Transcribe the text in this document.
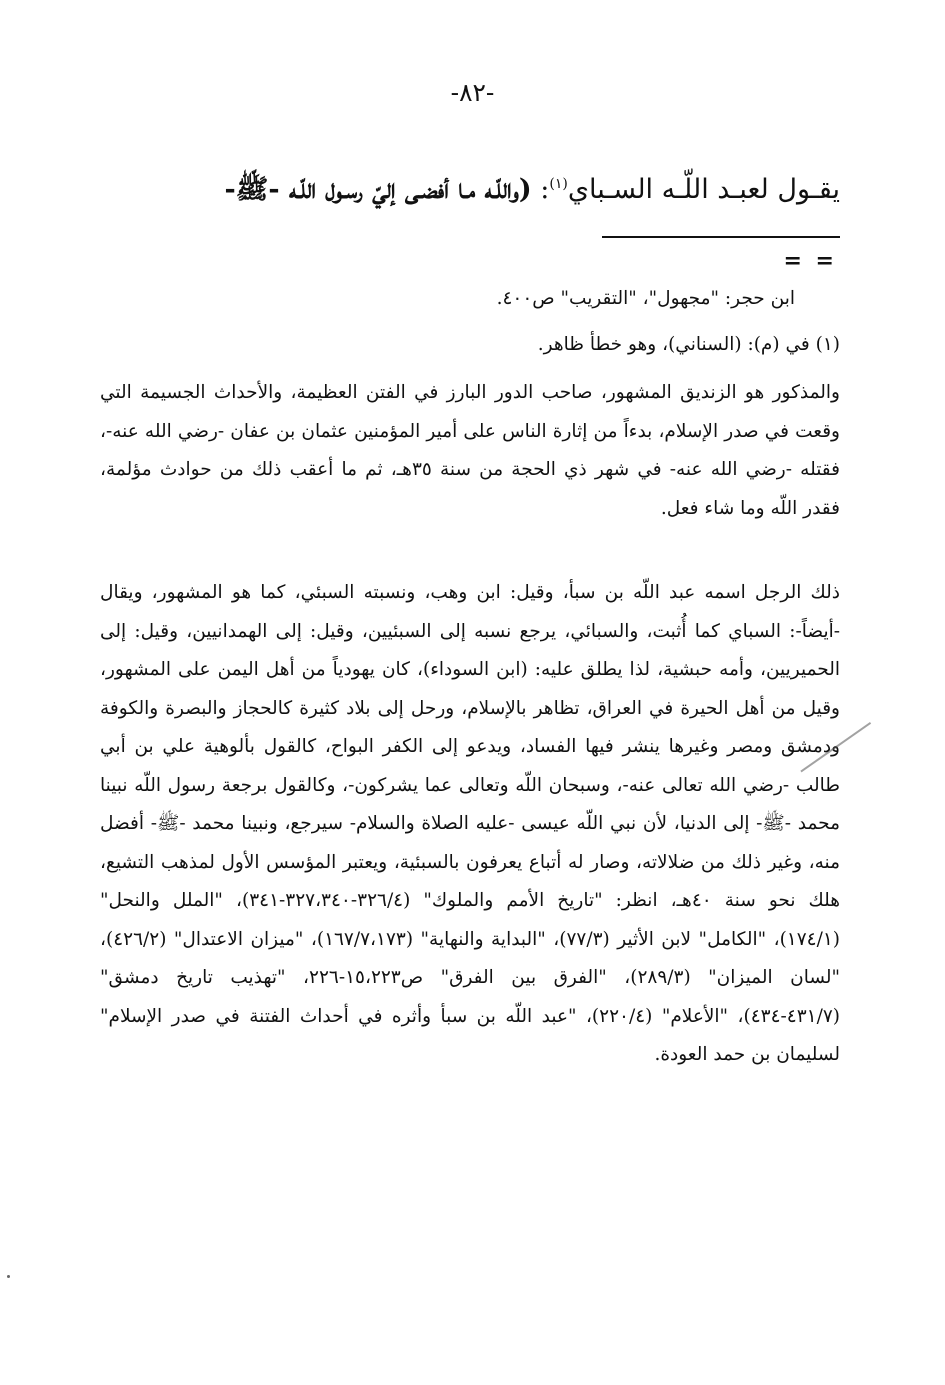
-٨٢-
يقـول لعبـد اللّـه السـباي$^{(١)}$: (واللّـه مـا أفضـى إليّ رسـول اللّـه -ﷺ-
= =
ابن حجر: "مجهول"، "التقريب" ص٤٠٠.
(١) في (م): (السناني)، وهو خطأ ظاهر.
والمذكور هو الزنديق المشهور، صاحب الدور البارز في الفتن العظيمة، والأحداث الجسيمة التي وقعت في صدر الإسلام، بدءاً من إثارة الناس على أمير المؤمنين عثمان بن عفان -رضي الله عنه-، فقتله -رضي الله عنه- في شهر ذي الحجة من سنة ٣٥هـ، ثم ما أعقب ذلك من حوادث مؤلمة، فقدر اللّه وما شاء فعل.
ذلك الرجل اسمه عبد اللّه بن سبأ، وقيل: ابن وهب، ونسبته السبئي، كما هو المشهور، ويقال -أيضاً-: السباي كما أُثبت، والسبائي، يرجع نسبه إلى السبئيين، وقيل: إلى الهمدانيين، وقيل: إلى الحميريين، وأمه حبشية، لذا يطلق عليه: (ابن السوداء)، كان يهودياً من أهل اليمن على المشهور، وقيل من أهل الحيرة في العراق، تظاهر بالإسلام، ورحل إلى بلاد كثيرة كالحجاز والبصرة والكوفة ودمشق ومصر وغيرها ينشر فيها الفساد، ويدعو إلى الكفر البواح، كالقول بألوهية علي بن أبي طالب -رضي الله تعالى عنه-، وسبحان اللّه وتعالى عما يشركون-، وكالقول برجعة رسول اللّه نبينا محمد -ﷺ- إلى الدنيا، لأن نبي اللّه عيسى -عليه الصلاة والسلام- سيرجع، ونبينا محمد -ﷺ- أفضل منه، وغير ذلك من ضلالاته، وصار له أتباع يعرفون بالسبئية، ويعتبر المؤسس الأول لمذهب التشيع، هلك نحو سنة ٤٠هـ، انظر: "تاريخ الأمم والملوك" (٣٢٦/٤-٣٢٧،٣٤٠-٣٤١)، "الملل والنحل" (١٧٤/١)، "الكامل" لابن الأثير (٧٧/٣)، "البداية والنهاية" (١٦٧/٧،١٧٣)، "ميزان الاعتدال" (٤٢٦/٢)، "لسان الميزان" (٢٨٩/٣)، "الفرق بين الفرق" ص١٥،٢٢٣-٢٢٦، "تهذيب تاريخ دمشق" (٤٣١/٧-٤٣٤)، "الأعلام" (٢٢٠/٤)، "عبد اللّه بن سبأ وأثره في أحداث الفتنة في صدر الإسلام" لسليمان بن حمد العودة.
